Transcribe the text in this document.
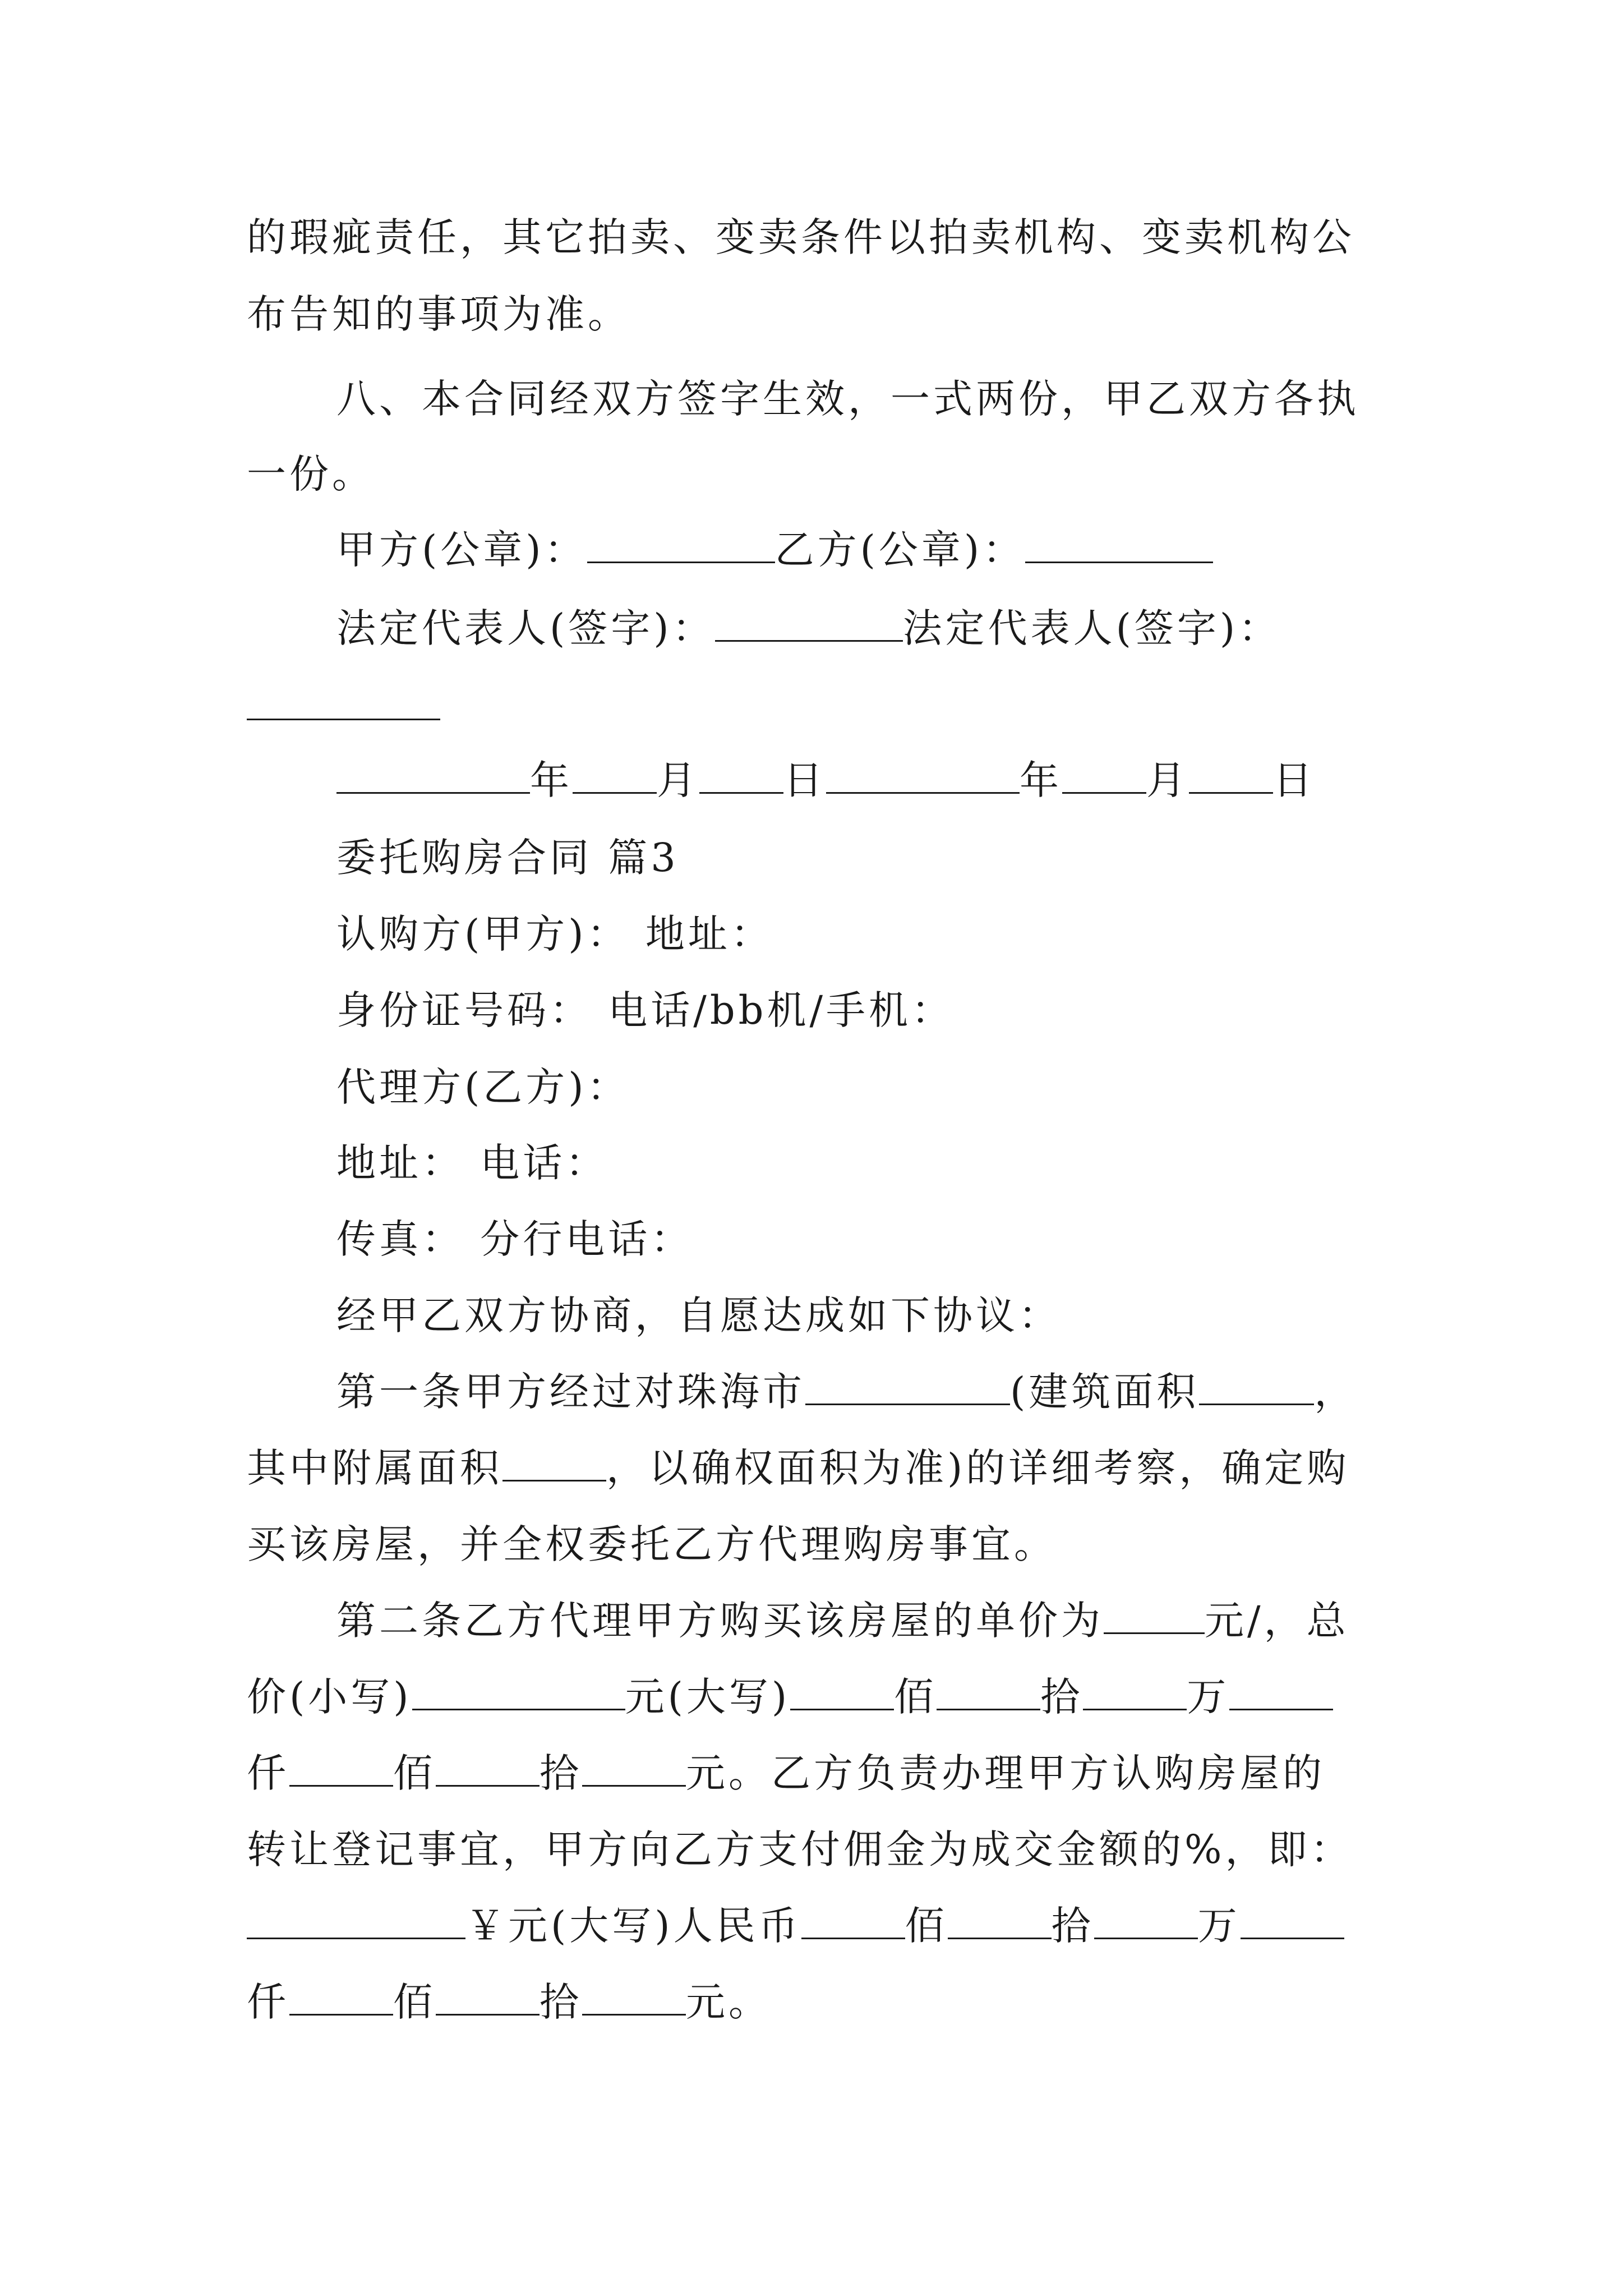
的瑕疵责任，其它拍卖、变卖条件以拍卖机构、变卖机构公
布告知的事项为准。
八、本合同经双方签字生效，一式两份，甲乙双方各执
一份。
甲方(公章)：	乙方(公章)：
法定代表人(签字)：	法定代表人(签字)：
年 月 日	年 月 日
委托购房合同 篇3
认购方(甲方)： 地址：
身份证号码： 电话/bb机/手机：
代理方(乙方)：
地址： 电话：
传真： 分行电话：
经甲乙双方协商，自愿达成如下协议：
第一条甲方经过对珠海市	(建筑面积	，
其中附属面积	，以确权面积为准)的详细考察，确定购
买该房屋，并全权委托乙方代理购房事宜。
第二条乙方代理甲方购买该房屋的单价为	元/，总
价(小写)	元(大写)	佰	拾	万
仟	佰	拾	元。乙方负责办理甲方认购房屋的
转让登记事宜，甲方向乙方支付佣金为成交金额的%，即：
￥元(大写)人民币	佰	拾	万
仟	佰	拾	元。
